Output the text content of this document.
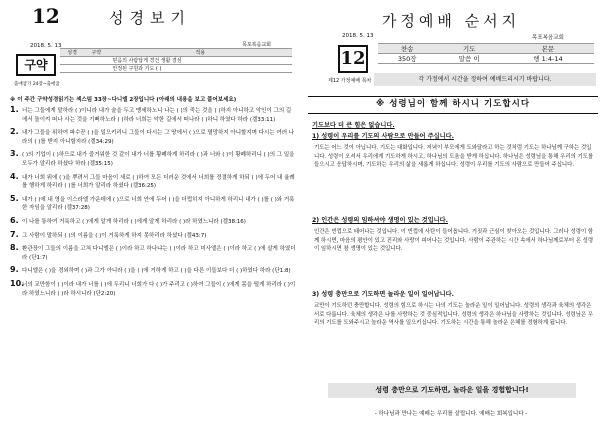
12	성경보기
2018. 5. 13	목포복음교회
구약
출애굽기 24장~출애굽
성경	구약	적용
		믿음의 사람답게 경건 생활 결심
		안정된 구원과 기도 ( )
※ 이 주간 구약성경읽기는 섹스텀 33장~다니엘 2장입니다 (아래의 내용을 보고 풀어보세요)
1. 너는 그들에게 말하라 ( )이니라 내가 술을 두고 맹세하노니 나는 ( )의 죽는 것을 ( )하지 아니하고 악인이 그의 길에서 돌이켜 떠나 사는 것을 기뻐하노라 ( )하라 너희는 악한 길에서 떠나라 ( )하니 하였다 하라 (겔33:11)
2. 내가 그들을 위하여 파수꾼 ( )을 일으키리니 그들이 다시는 그 땅에서 ( )으로 멸망하지 아니할지며 다시는 여러 나라의 ( )를 받지 아니할지라 (겔34:29)
3. ( )의 기업이 ( )하므로 내가 즐거워한 것 같이 내가 너를 황폐하게 하리라 ( )과 너와 ( )이 황폐하리니 ( )의 그 일을 모두가 알리라 하셨다 하라 (겔35:15)
4. 내가 너희 위에 ( )을 뿌려서 그들 마음이 새로 ( )하여 모든 더러운 것에서 너희를 정결하게 하되 ( )에 두어 내 율례를 행하게 하리라 ( )를 너희가 알리라 하셨다 (겔36:25)
5. 내가 ( )에 내 영을 이스라엘 가운데에 ( )으로 너희 안에 두어 ( )을 더럽히지 아니하게 하리니 내가 ( )를 ( )와 거룩한 자임을 알리라 (겔37:28)
6. 이 나를 통하여 거룩하고 ( )에게 알게 하리라 ( )에게 알게 하리라 ( )라 하였느니라 (겔38:16)
7. 그 사람이 말하되 ( )의 이름을 ( )이 거룩하게 하지 못하리라 하셨다 (겔43:7)
8. 환관장이 그들의 이름을 고쳐 다니엘은 ( )이라 하고 하나냐는 ( )이라 하고 미사엘은 ( )이라 하고 ( )에 살게 하였더라 (단1:7)
9. 다니엘은 ( )을 경외하며 ( )과 그가 아니라 ( )을 ( )에 거하게 하고 ( )을 다른 이들보다 더 ( )하였다 하라 (단1:8)
10.
너의 교만함이 ( )이라 내가 너를 ( )에 두리니 너희가 다 ( )가 주리고 ( )하여 그들이 ( )에게 몸을 떨게 하리라 ( )이라 하였느니라 ( )라 하시니라 (단2:20)
가정예배 순서지
2018. 5. 13	목포복음교회
12
제12 가정예배 목차
찬송	기도	본문
350장	말씀 이	행 1:4-14
각 가정에서 시간을 정하여 예배드리시기 바랍니다.
※ 성령님이 함께 하시니 기도합시다
기도보다 더 큰 힘은 없습니다.
1) 성령이 우리를 기도의 사람으로 만들어 주십니다.
기도는 어느 것이 아닙니다. 기도는 대화입니다. 저녁이 부모에게 도와달라고 하는 것처럼 기도는 하나님께 구하는 것입니다. 성령이 오셔서 우리에게 기도하게 하시고, 하나님의 도움을 받게 하십니다. 하나님은 성령님을 통해 우리의 기도를 들으시고 응답하시며, 기도하는 우리의 삶을 새롭게 하십니다. 성령이 우리를 기도의 사람으로 만들어 주십니다.
2) 인간은 성령의 임하셔야 생명이 있는 것입니다.
인간은 빈껍으로 태어나는 것입니다. 이 빈껍에 사탄이 들어옵니다. 거짓과 근심이 찾아오는 것입니다. 그러나 성령이 함께 하시면, 마음의 평안이 있고 진리와 사랑이 피어나는 것입니다. 사람이 주관하는 시간 속에서 하나님께로부터 온 성령이 임하시면 참 생명이 있는 것입니다.
3) 성령 충만으로 기도하면 놀라운 일이 일어납니다.
교만이 기도하던 충만합니다. 성령의 힘으로 하시는 나의 기도는 놀라운 일이 일어납니다. 성령의 생각과 육체의 생각은 서로 다릅니다. 육체의 생각은 나를 사랑하는 것 중심적입니다. 성령의 생각은 하나님을 사랑하는 것입니다. 성령님은 우리의 기도를 도와주시고 놀라운 역사를 일으키십니다. 기도하는 시간을 통해 놀라운 은혜를 경험하게 됩니다.
성령 충만으로 기도하면, 놀라운 일을 경험합니다!
- 하나님과 만나는 예배는 우리를 살립니다. 예배는 회복입니다 -
